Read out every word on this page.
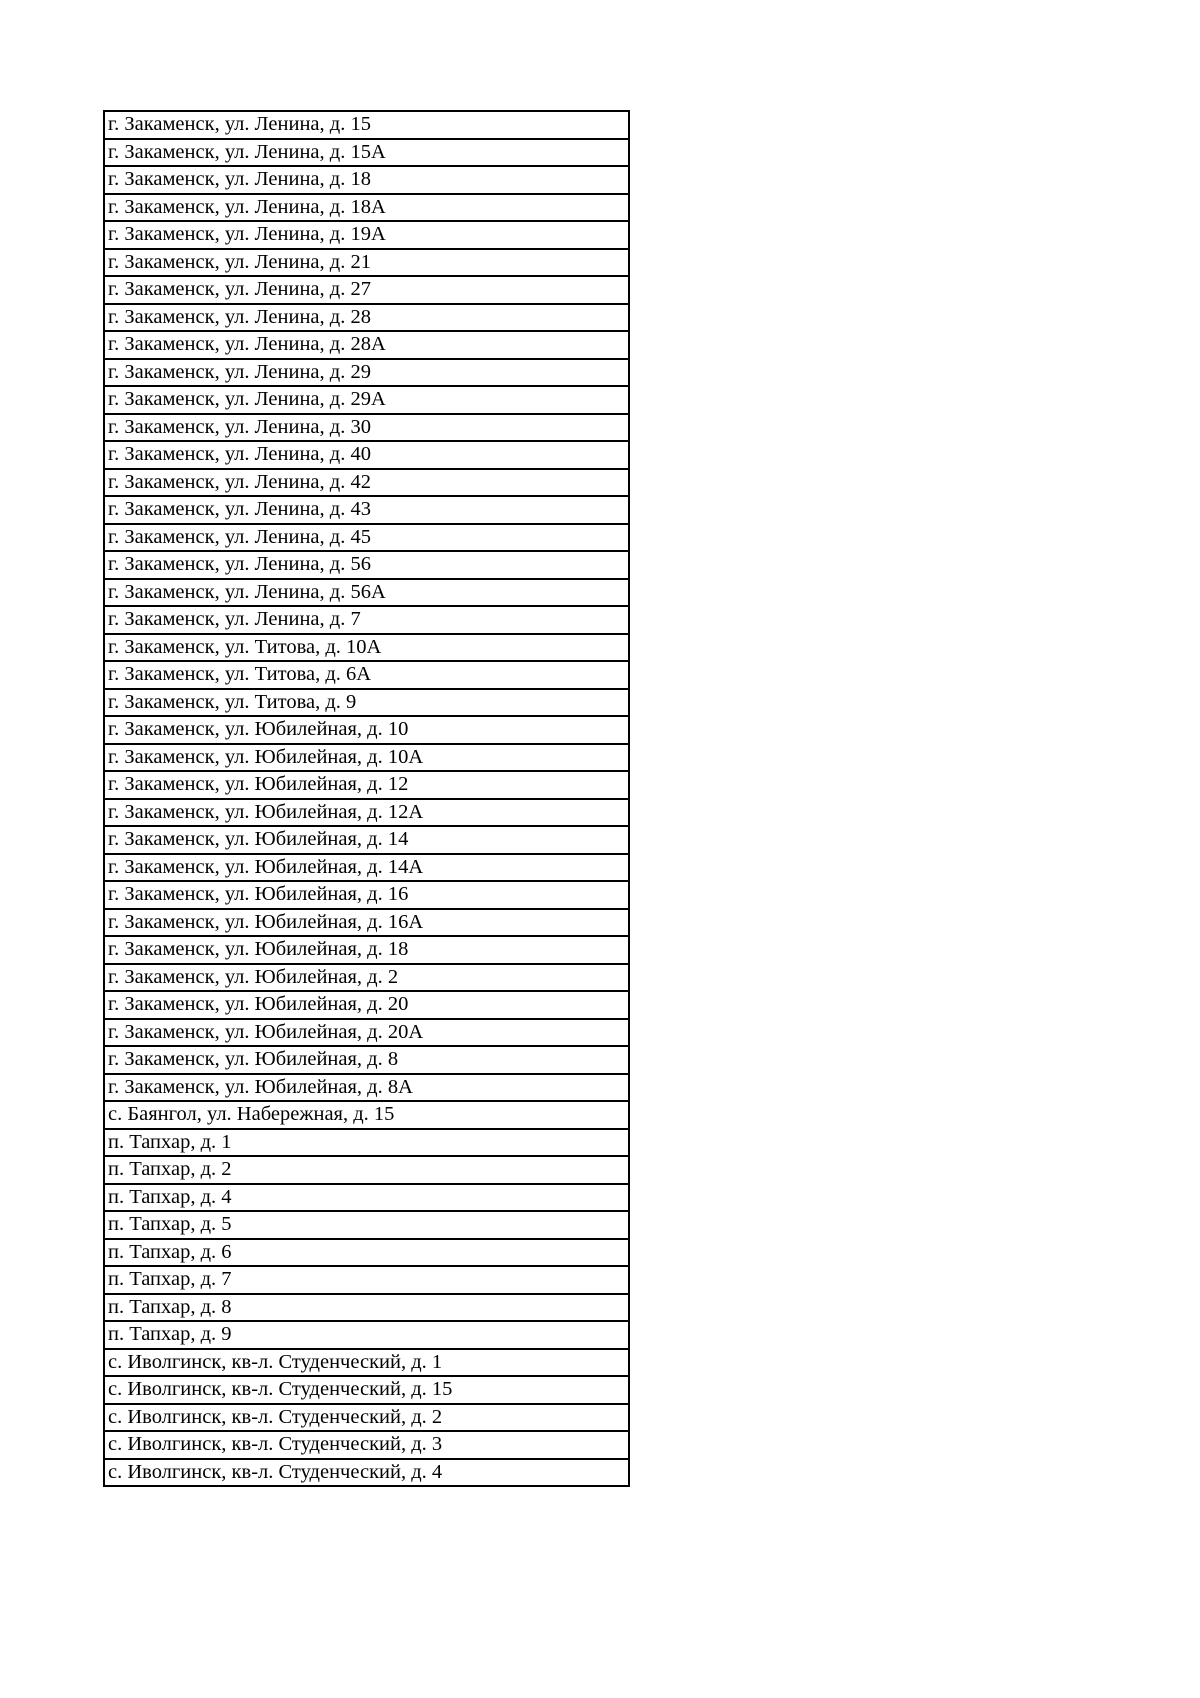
г. Закаменск, ул. Ленина, д. 15
г. Закаменск, ул. Ленина, д. 15А
г. Закаменск, ул. Ленина, д. 18
г. Закаменск, ул. Ленина, д. 18А
г. Закаменск, ул. Ленина, д. 19А
г. Закаменск, ул. Ленина, д. 21
г. Закаменск, ул. Ленина, д. 27
г. Закаменск, ул. Ленина, д. 28
г. Закаменск, ул. Ленина, д. 28А
г. Закаменск, ул. Ленина, д. 29
г. Закаменск, ул. Ленина, д. 29А
г. Закаменск, ул. Ленина, д. 30
г. Закаменск, ул. Ленина, д. 40
г. Закаменск, ул. Ленина, д. 42
г. Закаменск, ул. Ленина, д. 43
г. Закаменск, ул. Ленина, д. 45
г. Закаменск, ул. Ленина, д. 56
г. Закаменск, ул. Ленина, д. 56А
г. Закаменск, ул. Ленина, д. 7
г. Закаменск, ул. Титова, д. 10А
г. Закаменск, ул. Титова, д. 6А
г. Закаменск, ул. Титова, д. 9
г. Закаменск, ул. Юбилейная, д. 10
г. Закаменск, ул. Юбилейная, д. 10А
г. Закаменск, ул. Юбилейная, д. 12
г. Закаменск, ул. Юбилейная, д. 12А
г. Закаменск, ул. Юбилейная, д. 14
г. Закаменск, ул. Юбилейная, д. 14А
г. Закаменск, ул. Юбилейная, д. 16
г. Закаменск, ул. Юбилейная, д. 16А
г. Закаменск, ул. Юбилейная, д. 18
г. Закаменск, ул. Юбилейная, д. 2
г. Закаменск, ул. Юбилейная, д. 20
г. Закаменск, ул. Юбилейная, д. 20А
г. Закаменск, ул. Юбилейная, д. 8
г. Закаменск, ул. Юбилейная, д. 8А
с. Баянгол, ул. Набережная, д. 15
п. Тапхар, д. 1
п. Тапхар, д. 2
п. Тапхар, д. 4
п. Тапхар, д. 5
п. Тапхар, д. 6
п. Тапхар, д. 7
п. Тапхар, д. 8
п. Тапхар, д. 9
с. Иволгинск, кв-л. Студенческий, д. 1
с. Иволгинск, кв-л. Студенческий, д. 15
с. Иволгинск, кв-л. Студенческий, д. 2
с. Иволгинск, кв-л. Студенческий, д. 3
с. Иволгинск, кв-л. Студенческий, д. 4
